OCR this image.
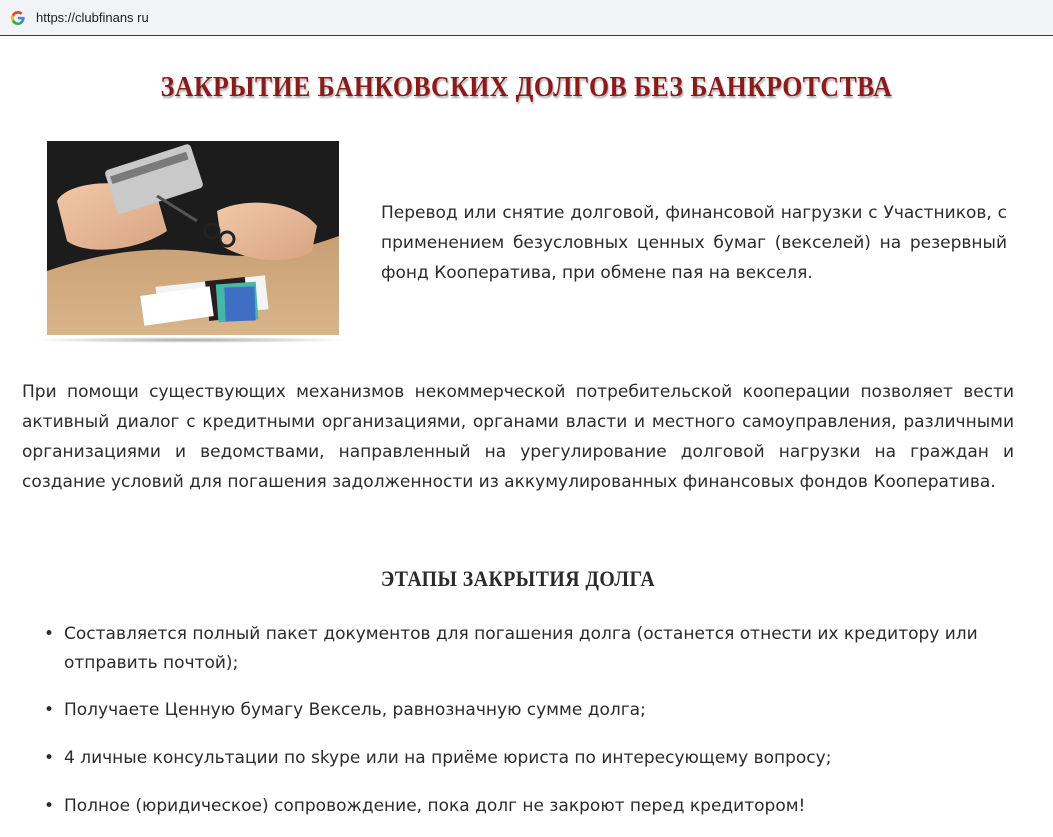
https://clubfinans ru
ЗАКРЫТИЕ БАНКОВСКИХ ДОЛГОВ БЕЗ БАНКРОТСТВА

Перевод или снятие долговой, финансовой нагрузки с Участников, с применением безусловных ценных бумаг (векселей) на резервный фонд Кооператива, при обмене пая на векселя.

При помощи существующих механизмов некоммерческой потребительской кооперации позволяет вести активный диалог с кредитными организациями, органами власти и местного самоуправления, различными организациями и ведомствами, направленный на урегулирование долговой нагрузки на граждан и создание условий для погашения задолженности из аккумулированных финансовых фондов Кооператива.

ЭТАПЫ ЗАКРЫТИЯ ДОЛГА
• Составляется полный пакет документов для погашения долга (останется отнести их кредитору или отправить почтой);
• Получаете Ценную бумагу Вексель, равнозначную сумме долга;
• 4 личные консультации по skype или на приёме юриста по интересующему вопросу;
• Полное (юридическое) сопровождение, пока долг не закроют перед кредитором!
